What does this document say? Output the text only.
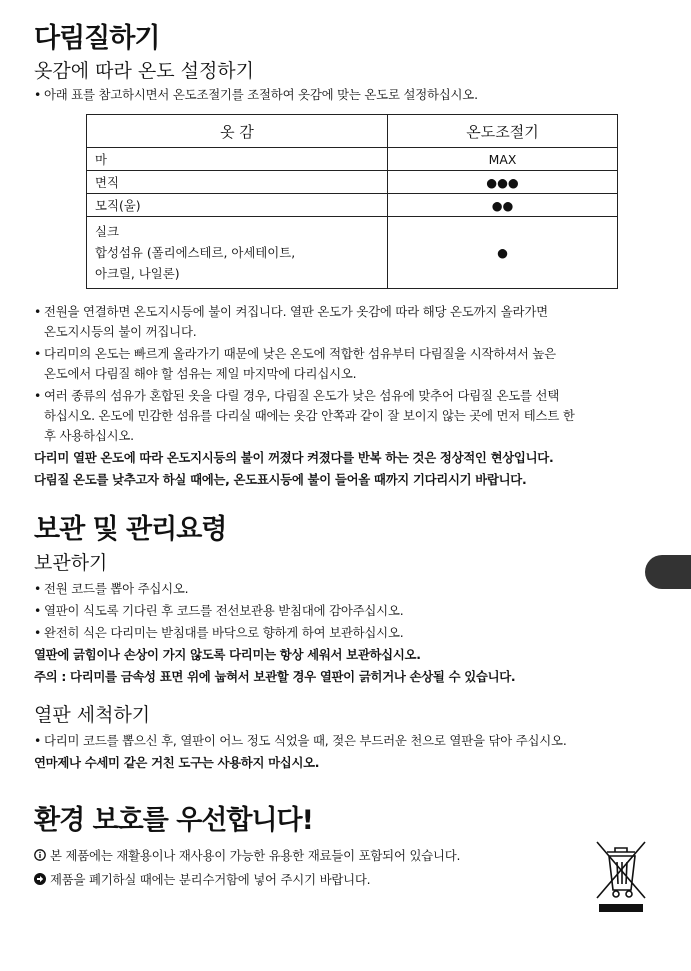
다림질하기
옷감에 따라 온도 설정하기

• 아래 표를 참고하시면서 온도조절기를 조절하여 옷감에 맞는 온도로 설정하십시오.

옷 감	온도조절기
마	MAX
면직	●●●
모직(울)	●●

실크
합성섬유 (폴리에스테르, 아세테이트,
아크릴, 나일론)	●

• 전원을 연결하면 온도지시등에 불이 켜집니다. 열판 온도가 옷감에 따라 해당 온도까지 올라가면

온도지시등의 불이 꺼집니다.

• 다리미의 온도는 빠르게 올라가기 때문에 낮은 온도에 적합한 섬유부터 다림질을 시작하셔서 높은

온도에서 다림질 해야 할 섬유는 제일 마지막에 다리십시오.

• 여러 종류의 섬유가 혼합된 옷을 다릴 경우, 다림질 온도가 낮은 섬유에 맞추어 다림질 온도를 선택

하십시오. 온도에 민감한 섬유를 다리실 때에는 옷감 안쪽과 같이 잘 보이지 않는 곳에 먼저 테스트 한

후 사용하십시오.

다리미 열판 온도에 따라 온도지시등의 불이 꺼졌다 켜졌다를 반복 하는 것은 정상적인 현상입니다.

다림질 온도를 낮추고자 하실 때에는, 온도표시등에 불이 들어올 때까지 기다리시기 바랍니다.

보관 및 관리요령
보관하기

• 전원 코드를 뽑아 주십시오.

• 열판이 식도록 기다린 후 코드를 전선보관용 받침대에 감아주십시오.

• 완전히 식은 다리미는 받침대를 바닥으로 향하게 하여 보관하십시오.

열판에 긁힘이나 손상이 가지 않도록 다리미는 항상 세워서 보관하십시오.

주의 : 다리미를 금속성 표면 위에 눕혀서 보관할 경우 열판이 긁히거나 손상될 수 있습니다.

열판 세척하기

• 다리미 코드를 뽑으신 후, 열판이 어느 정도 식었을 때, 젖은 부드러운 천으로 열판을 닦아 주십시오.

연마제나 수세미 같은 거친 도구는 사용하지 마십시오.

환경 보호를 우선합니다!

본 제품에는 재활용이나 재사용이 가능한 유용한 재료들이 포함되어 있습니다.

제품을 폐기하실 때에는 분리수거함에 넣어 주시기 바랍니다.
